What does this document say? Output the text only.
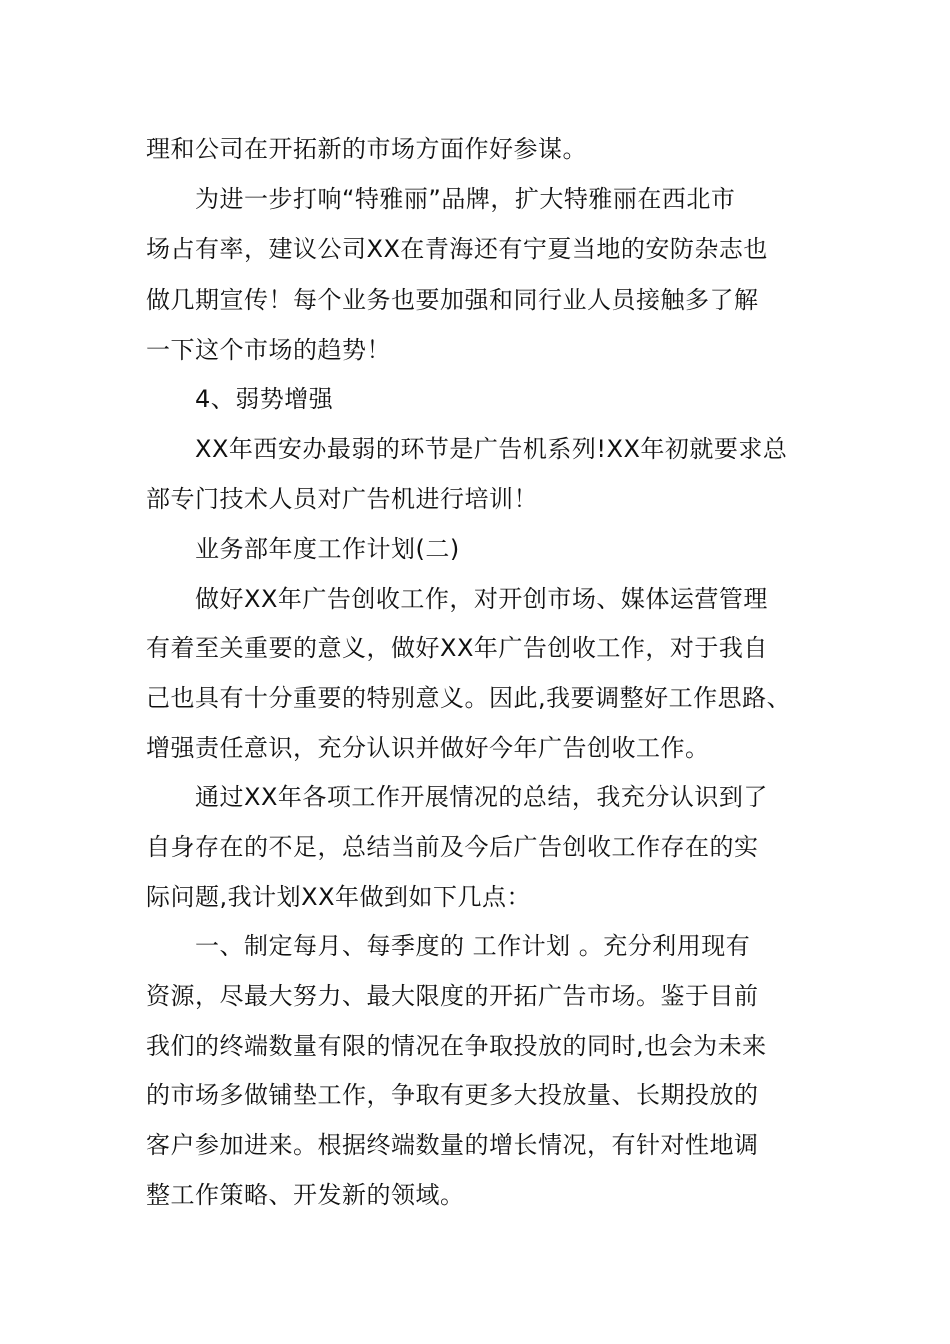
理和公司在开拓新的市场方面作好参谋。
为进一步打响“特雅丽”品牌，扩大特雅丽在西北市
场占有率，建议公司XX在青海还有宁夏当地的安防杂志也
做几期宣传！每个业务也要加强和同行业人员接触多了解
一下这个市场的趋势！
4、弱势增强
XX年西安办最弱的环节是广告机系列!XX年初就要求总
部专门技术人员对广告机进行培训！
业务部年度工作计划(二)
做好XX年广告创收工作，对开创市场、媒体运营管理
有着至关重要的意义，做好XX年广告创收工作，对于我自
己也具有十分重要的特别意义。因此,我要调整好工作思路、
增强责任意识，充分认识并做好今年广告创收工作。
通过XX年各项工作开展情况的总结，我充分认识到了
自身存在的不足，总结当前及今后广告创收工作存在的实
际问题,我计划XX年做到如下几点：
一、制定每月、每季度的 工作计划 。充分利用现有
资源，尽最大努力、最大限度的开拓广告市场。鉴于目前
我们的终端数量有限的情况在争取投放的同时,也会为未来
的市场多做铺垫工作，争取有更多大投放量、长期投放的
客户参加进来。根据终端数量的增长情况，有针对性地调
整工作策略、开发新的领域。
